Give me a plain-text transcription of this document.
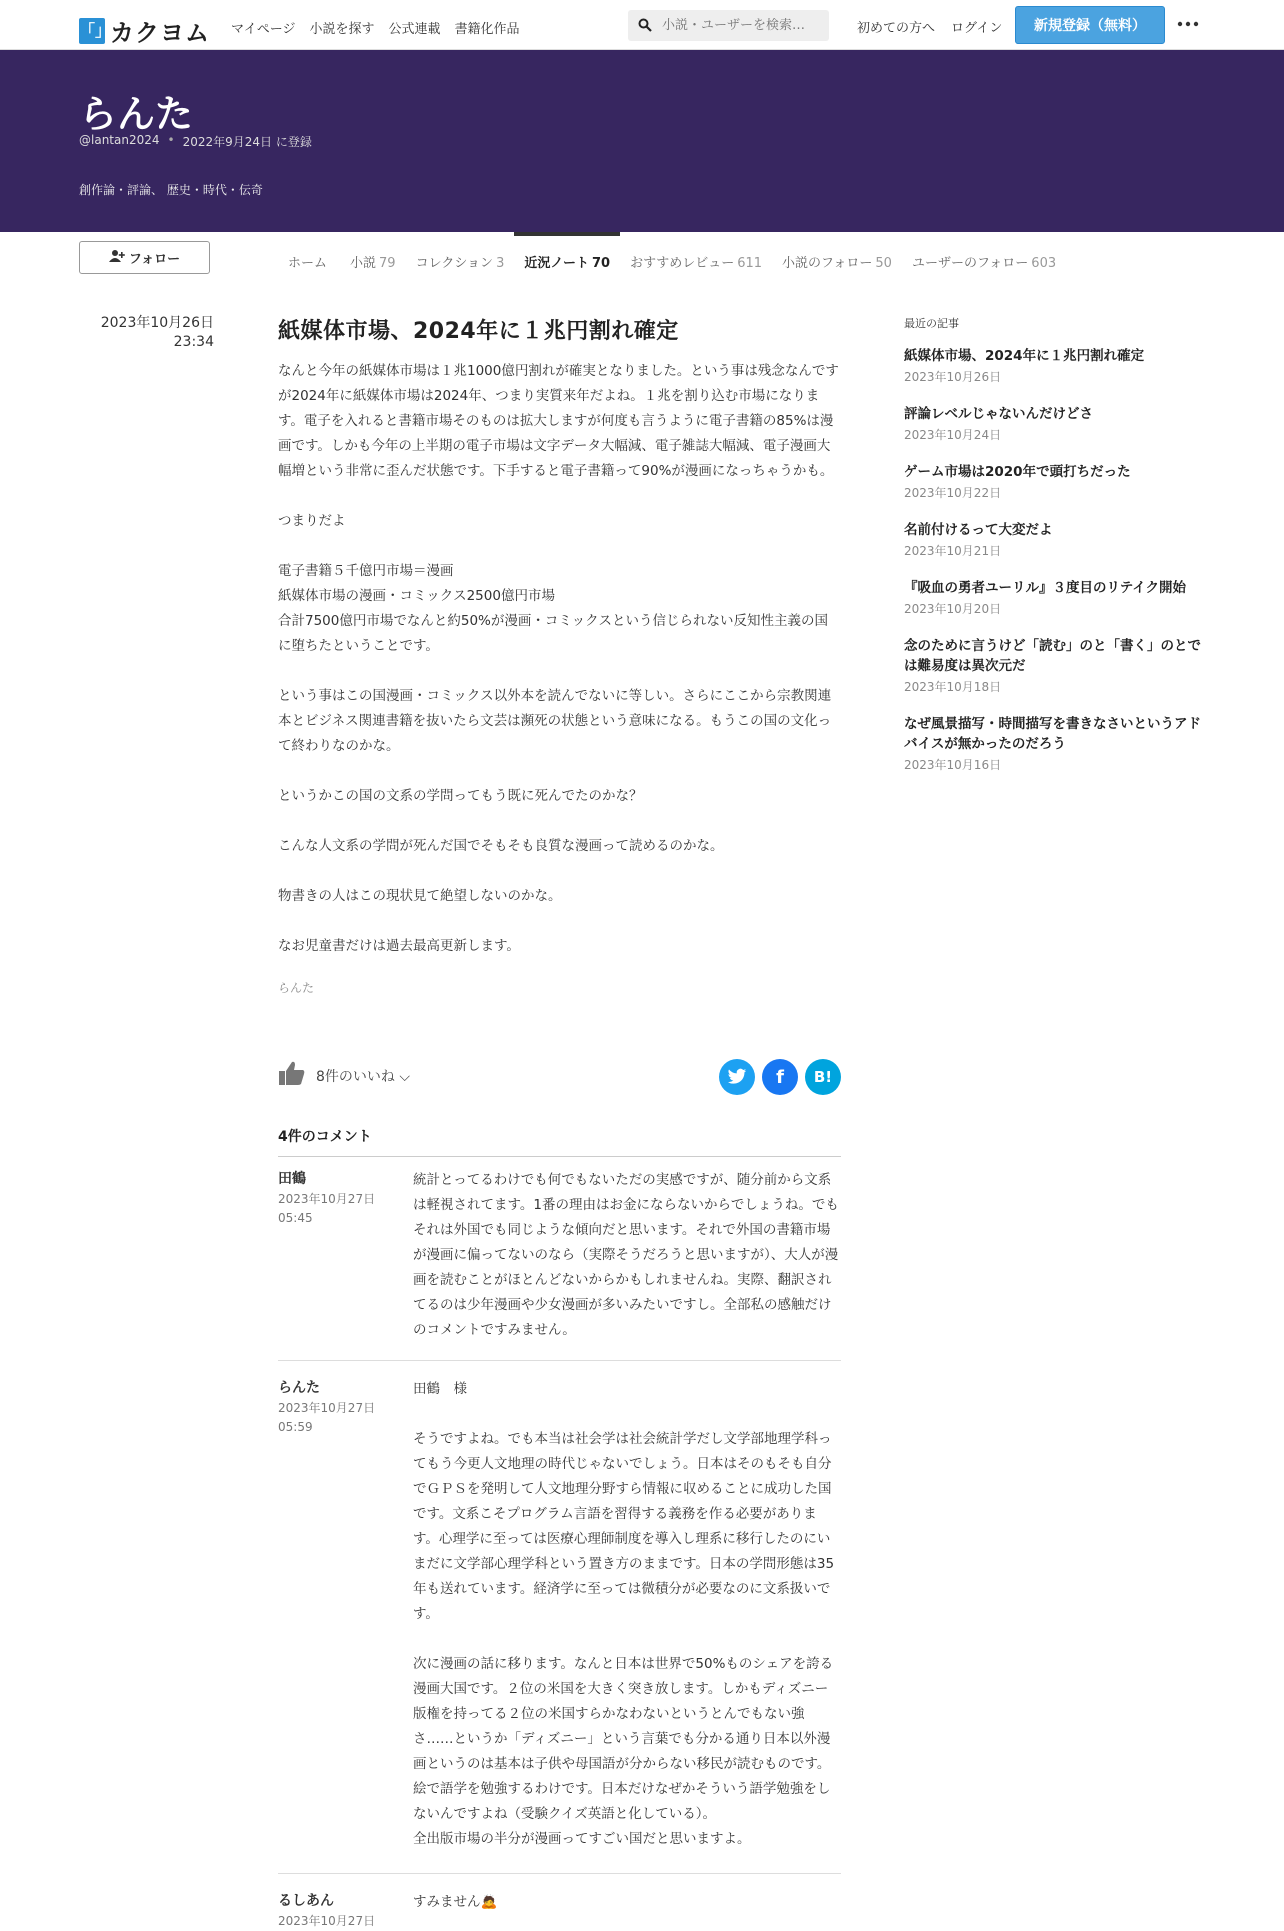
「」
カクヨム マイページ 小説を探す 公式連載 書籍化作品
小説・ユーザーを検索…	初めての方へ ログイン	新規登録（無料）
らんた
@lantan2024 • 2022年9月24日 に登録
創作論・評論、 歴史・時代・伝奇
フォロー	ホーム	小説 79	コレクション 3	近況ノート 70	おすすめレビュー 611	小説のフォロー 50	ユーザーのフォロー 603
2023年10月26日
23:34	紙媒体市場、2024年に１兆円割れ確定

なんと今年の紙媒体市場は１兆1000億円割れが確実となりました。という事は残念なんですが2024年に紙媒体市場は2024年、つまり実質来年だよね。１兆を割り込む市場になります。電子を入れると書籍市場そのものは拡大しますが何度も言うように電子書籍の85%は漫画です。しかも今年の上半期の電子市場は文字データ大幅減、電子雑誌大幅減、電子漫画大幅増という非常に歪んだ状態です。下手すると電子書籍って90%が漫画になっちゃうかも。

つまりだよ

電子書籍５千億円市場＝漫画
紙媒体市場の漫画・コミックス2500億円市場
合計7500億円市場でなんと約50%が漫画・コミックスという信じられない反知性主義の国に堕ちたということです。

という事はこの国漫画・コミックス以外本を読んでないに等しい。さらにここから宗教関連本とビジネス関連書籍を抜いたら文芸は瀕死の状態という意味になる。もうこの国の文化って終わりなのかな。

というかこの国の文系の学問ってもう既に死んでたのかな？

こんな人文系の学問が死んだ国でそもそも良質な漫画って読めるのかな。

物書きの人はこの現状見て絶望しないのかな。

なお児童書だけは過去最高更新します。

らんた
8件のいいね ⌵	f	B!
4件のコメント
田鶴
2023年10月27日
05:45
統計とってるわけでも何でもないただの実感ですが、随分前から文系は軽視されてます。1番の理由はお金にならないからでしょうね。でもそれは外国でも同じような傾向だと思います。それで外国の書籍市場が漫画に偏ってないのなら（実際そうだろうと思いますが）、大人が漫画を読むことがほとんどないからかもしれませんね。実際、翻訳されてるのは少年漫画や少女漫画が多いみたいですし。全部私の感触だけのコメントですみません。
らんた
2023年10月27日
05:59
田鶴　様

そうですよね。でも本当は社会学は社会統計学だし文学部地理学科ってもう今更人文地理の時代じゃないでしょう。日本はそのもそも自分でＧＰＳを発明して人文地理分野すら情報に収めることに成功した国です。文系こそプログラム言語を習得する義務を作る必要があります。心理学に至っては医療心理師制度を導入し理系に移行したのにいまだに文学部心理学科という置き方のままです。日本の学問形態は35年も送れています。経済学に至っては微積分が必要なのに文系扱いです。

次に漫画の話に移ります。なんと日本は世界で50%ものシェアを誇る漫画大国です。２位の米国を大きく突き放します。しかもディズニー版権を持ってる２位の米国すらかなわないというとんでもない強さ……というか「ディズニー」という言葉でも分かる通り日本以外漫画というのは基本は子供や母国語が分からない移民が読むものです。絵で語学を勉強するわけです。日本だけなぜかそういう語学勉強をしないんですよね（受験クイズ英語と化している）。
全出版市場の半分が漫画ってすごい国だと思いますよ。
るしあん
2023年10月27日
すみません🙇
最近の記事
紙媒体市場、2024年に１兆円割れ確定
2023年10月26日
評論レベルじゃないんだけどさ
2023年10月24日
ゲーム市場は2020年で頭打ちだった
2023年10月22日
名前付けるって大変だよ
2023年10月21日
『吸血の勇者ユーリル』３度目のリテイク開始
2023年10月20日
念のために言うけど「読む」のと「書く」のとでは難易度は異次元だ
2023年10月18日
なぜ風景描写・時間描写を書きなさいというアドバイスが無かったのだろう
2023年10月16日
